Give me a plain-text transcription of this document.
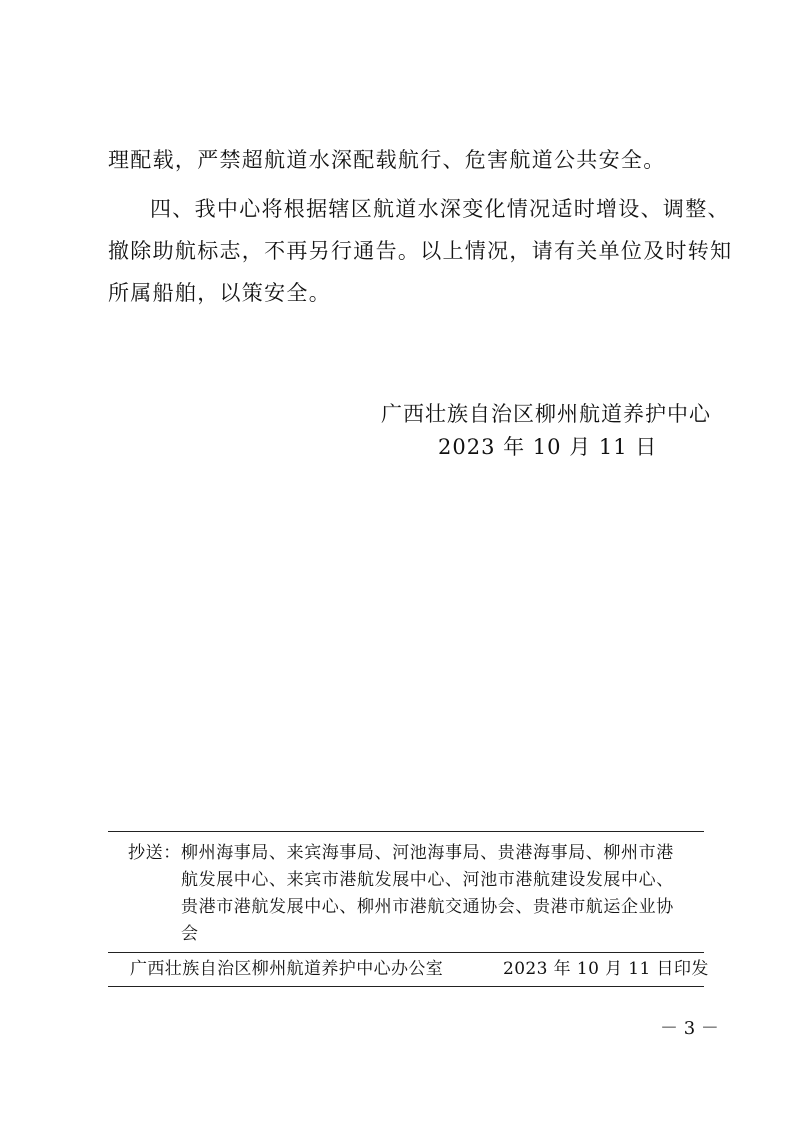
理配载，严禁超航道水深配载航行、危害航道公共安全。
四、我中心将根据辖区航道水深变化情况适时增设、调整、
撤除助航标志，不再另行通告。以上情况，请有关单位及时转知
所属船舶，以策安全。
广西壮族自治区柳州航道养护中心
2023 年 10 月 11 日
抄送： 柳州海事局、来宾海事局、河池海事局、贵港海事局、柳州市港
航发展中心、来宾市港航发展中心、河池市港航建设发展中心、
贵港市港航发展中心、柳州市港航交通协会、贵港市航运企业协
会
广西壮族自治区柳州航道养护中心办公室	2023 年 10 月 11 日印发
－ 3 －
